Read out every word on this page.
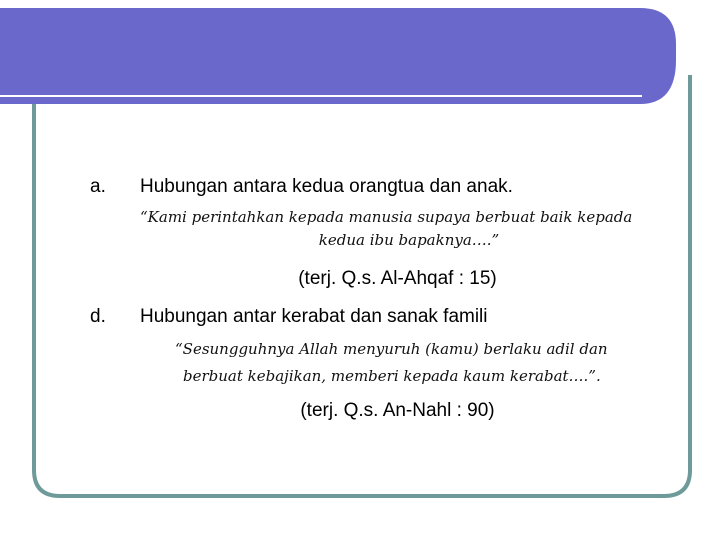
a. Hubungan antara kedua orangtua dan anak.
“Kami perintahkan kepada manusia supaya berbuat baik kepada
kedua ibu bapaknya….”
(terj. Q.s. Al-Ahqaf : 15)
d. Hubungan antar kerabat dan sanak famili
“Sesungguhnya Allah menyuruh (kamu) berlaku adil dan
berbuat kebajikan, memberi kepada kaum kerabat….”.
(terj. Q.s. An-Nahl : 90)
